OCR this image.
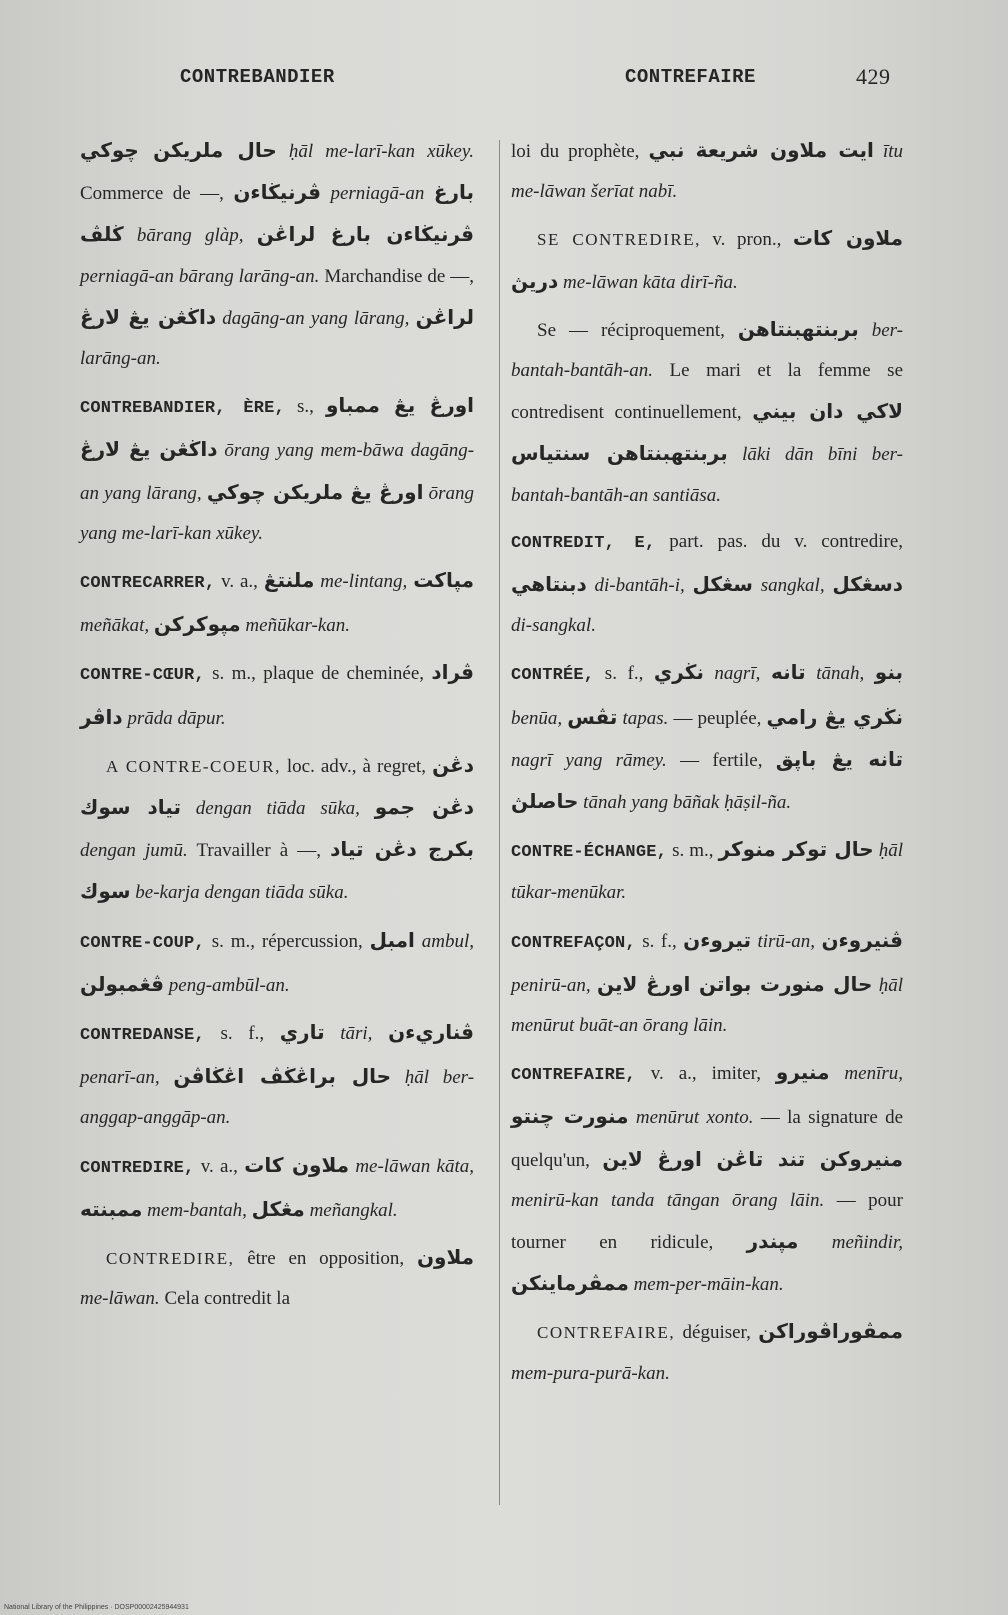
CONTREBANDIER	CONTREFAIRE	429

حال ملريكن چوكي ḥāl me-larī-kan xūkey. Commerce de —, ڤرنيڬاءن perniagā-an بارغ ڬلڤ bārang glàp, ڤرنيڬاءن بارغ لراڠن perniagā-an bārang larāng-an. Marchandise de —, داڬڠن يڠ لارڠ dagāng-an yang lārang, لراڠن larāng-an.

CONTREBANDIER, ÈRE, s., اورڠ يڠ ممباو داڬڠن يڠ لارڠ ōrang yang mem-bāwa dagāng-an yang lārang, اورڠ يڠ ملريكن چوكي ōrang yang me-larī-kan xūkey.

CONTRECARRER, v. a., ملنتڠ me-lintang, مپاكت meñākat, مپوكركن meñūkar-kan.

CONTRE-CŒUR, s. m., plaque de cheminée, ڤراد داڤر prāda dāpur.

A CONTRE-COEUR, loc. adv., à regret, دڠن تياد سوك dengan tiāda sūka, دڠن جمو dengan jumū. Travailler à —, بكرج دڠن تياد سوك be-karja dengan tiāda sūka.

CONTRE-COUP, s. m., répercussion, امبل ambul, ڤڠمبولن peng-ambūl-an.

CONTREDANSE, s. f., تاري tāri, ڤناريءن penarī-an, حال براڠڬڤ اڠڬاڤن ḥāl ber-anggap-anggāp-an.

CONTREDIRE, v. a., ملاون كات me-lāwan kāta, ممبنته mem-bantah, مڠكل meñangkal.

CONTREDIRE, être en opposition, ملاون me-lāwan. Cela contredit la

loi du prophète, ايت ملاون شريعة نبي ītu me-lāwan šerīat nabī.

SE CONTREDIRE, v. pron., ملاون كات دريڽ me-lāwan kāta dirī-ña.

Se — réciproquement, بربنتهبنتاهن ber-bantah-bantāh-an. Le mari et la femme se contredisent continuellement, لاكي دان بيني بربنتهبنتاهن سنتياس lāki dān bīni ber-bantah-bantāh-an santiāsa.

CONTREDIT, E, part. pas. du v. contredire, دبنتاهي di-bantāh-i, سڠكل sangkal, دسڠكل di-sangkal.

CONTRÉE, s. f., نڬري nagrī, تانه tānah, بنو benūa, تڤس tapas. — peuplée, نڬري يڠ رامي nagrī yang rāmey. — fertile, تانه يڠ باڽق حاصلڽ tānah yang bāñak ḥāṣil-ña.

CONTRE-ÉCHANGE, s. m., حال توكر منوكر ḥāl tūkar-menūkar.

CONTREFAÇON, s. f., تيروءن tirū-an, ڤنيروءن penirū-an, حال منورت بواتن اورڠ لاين ḥāl menūrut buāt-an ōrang lāin.

CONTREFAIRE, v. a., imiter, منيرو menīru, منورت چنتو menūrut xonto. — la signature de quelqu'un, منيروكن تند تاڠن اورڠ لاين menirū-kan tanda tāngan ōrang lāin. — pour tourner en ridicule, مپندر meñindir, ممڤرماينكن mem-per-māin-kan.

CONTREFAIRE, déguiser, ممڤوراڤوراكن mem-pura-purā-kan.

National Library of the Philippines · DOSP00002425944931
